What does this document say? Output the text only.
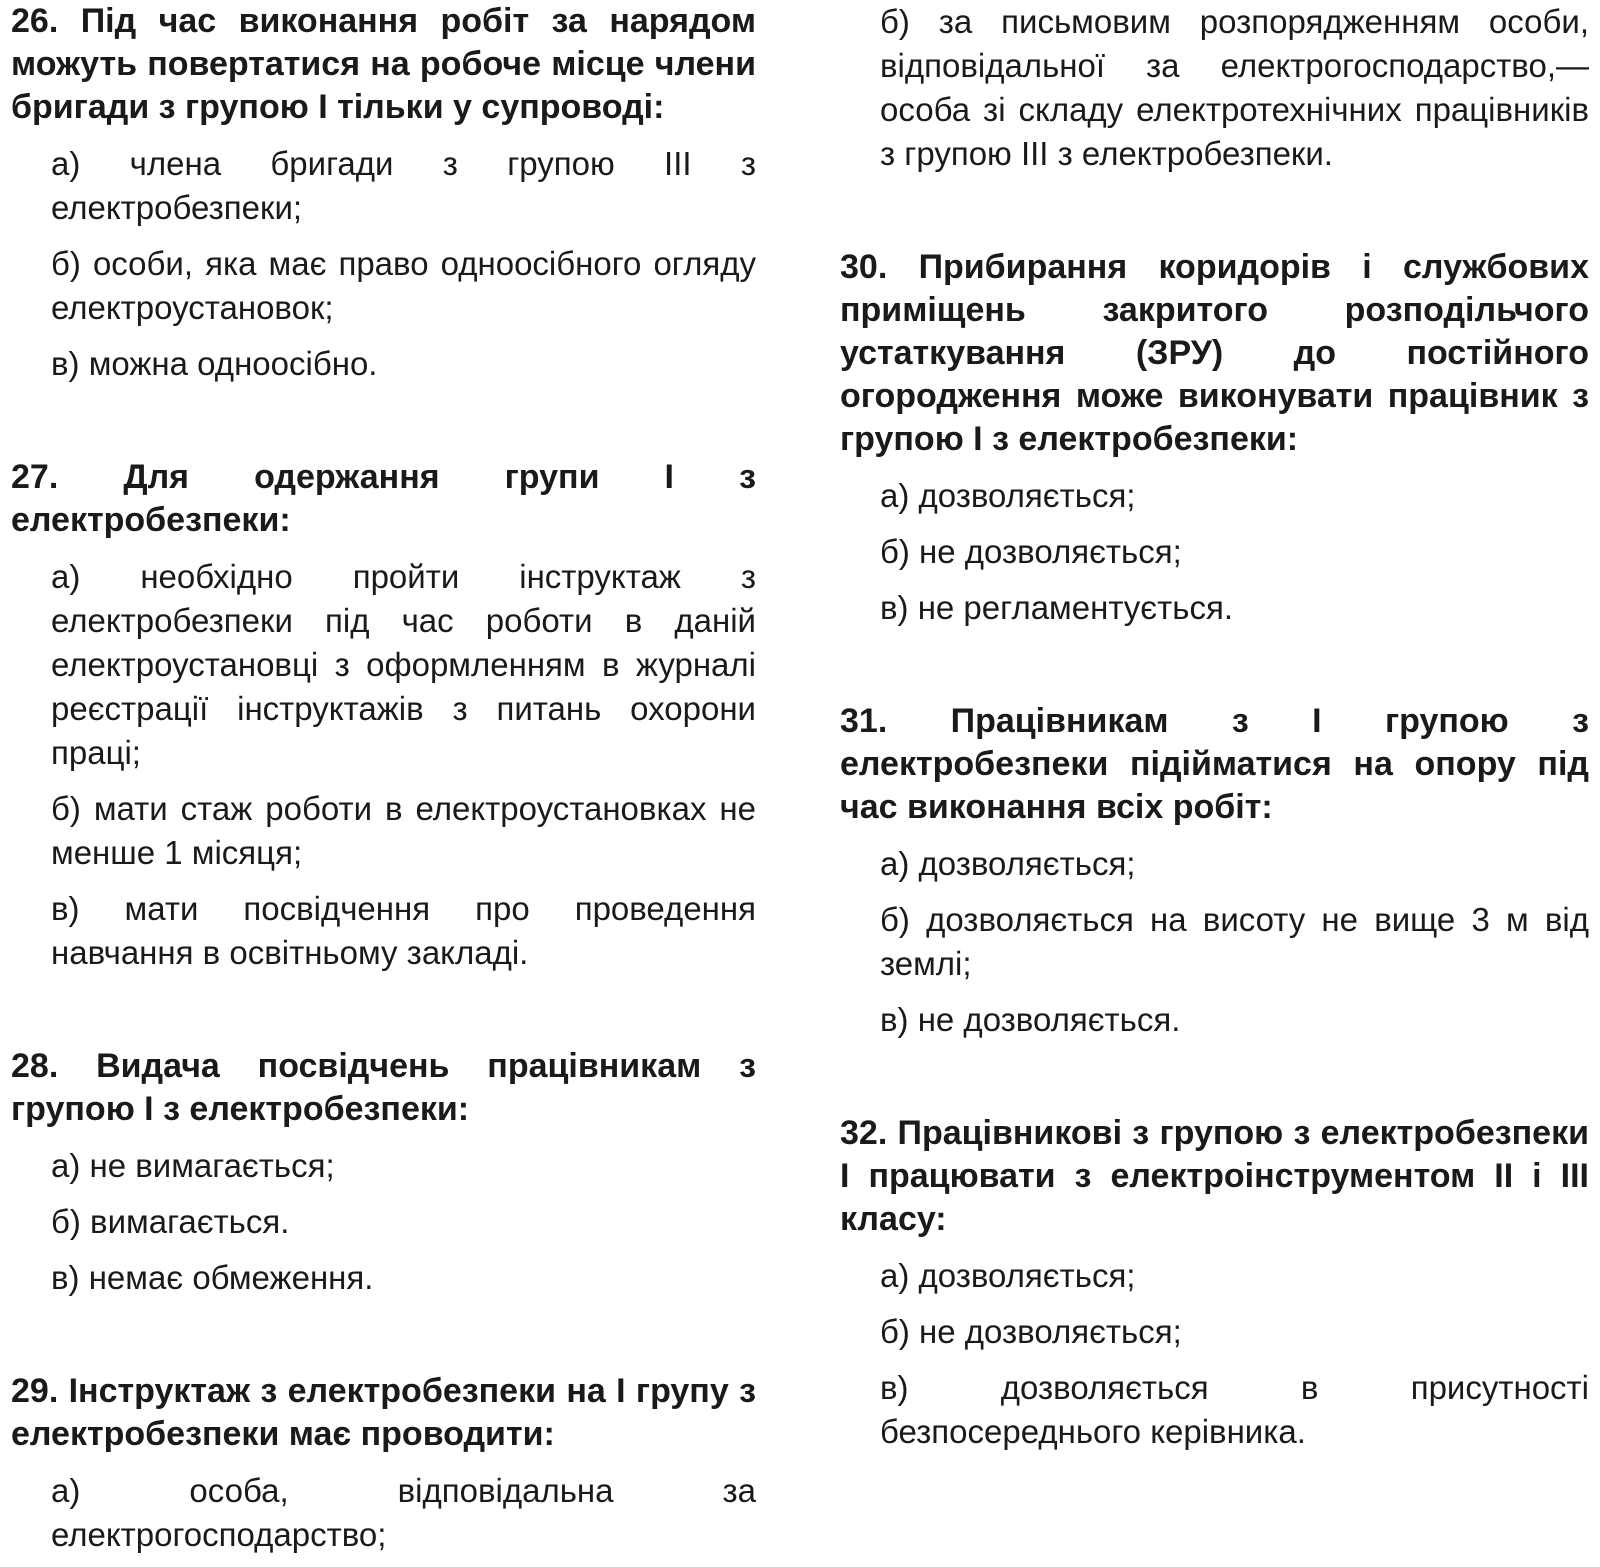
26. Під час виконання робіт за нарядом можуть повертатися на робоче місце члени бригади з групою I тільки у супроводі:

а) члена бригади з групою III з електробезпеки;

б) особи, яка має право одноосібного огляду електроустановок;

в) можна одноосібно.

27. Для одержання групи I з електробезпеки:

а) необхідно пройти інструктаж з електробезпеки під час роботи в даній електроустановці з оформленням в журналі реєстрації інструктажів з питань охорони праці;

б) мати стаж роботи в електроустановках не менше 1 місяця;

в) мати посвідчення про проведення навчання в освітньому закладі.

28. Видача посвідчень працівникам з групою I з електробезпеки:

а) не вимагається;

б) вимагається.

в) немає обмеження.

29. Інструктаж з електробезпеки на I групу з електробезпеки має проводити:

а) особа, відповідальна за електрогосподарство;

б) за письмовим розпорядженням особи, відповідальної за електрогосподарство,— особа зі складу електротехнічних працівників з групою III з електробезпеки.

30. Прибирання коридорів і службових приміщень закритого розподільчого устаткування (ЗРУ) до постійного огородження може виконувати працівник з групою I з електробезпеки:

а) дозволяється;

б) не дозволяється;

в) не регламентується.

31. Працівникам з I групою з електробезпеки підійматися на опору під час виконання всіх робіт:

а) дозволяється;

б) дозволяється на висоту не вище 3 м від землі;

в) не дозволяється.

32. Працівникові з групою з електробезпеки I працювати з електроінструментом II і III класу:

а) дозволяється;

б) не дозволяється;

в) дозволяється в присутності безпосереднього керівника.
